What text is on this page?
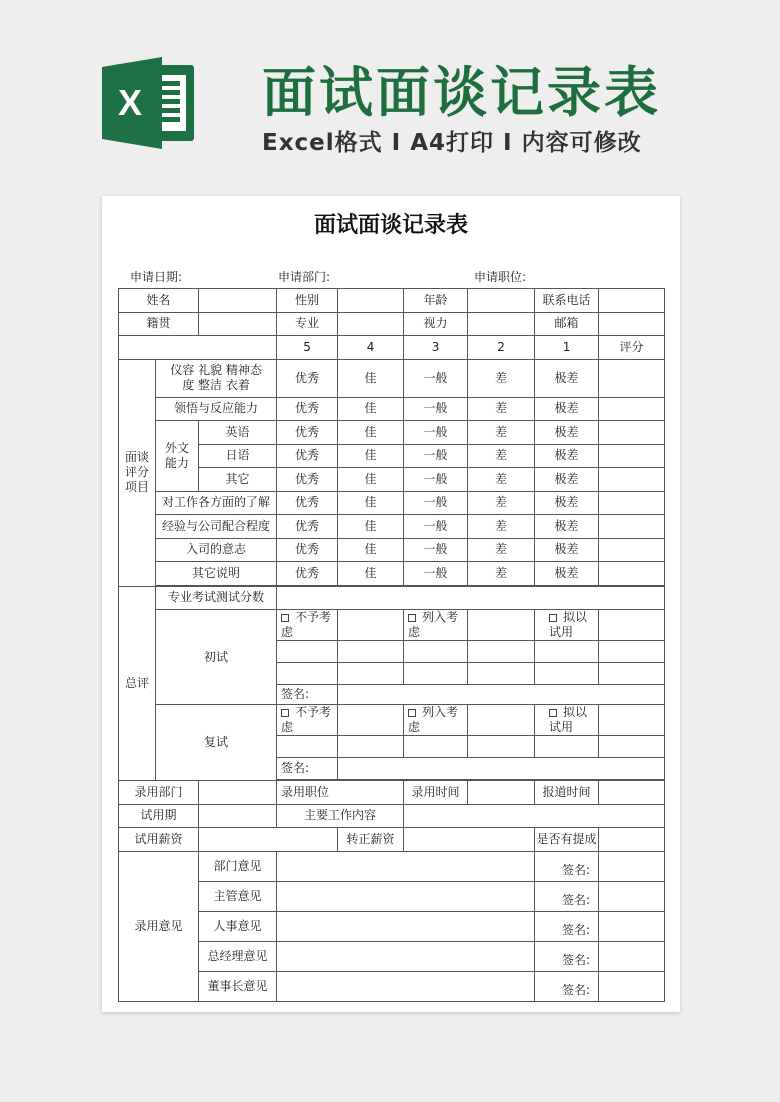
X 面试面谈记录表
Excel格式 I A4打印 I 内容可修改
面试面谈记录表
申请日期:	申请部门:	申请职位:
姓名			性别		年龄		联系电话	
籍贯			专业		视力		邮箱	
			5	4	3	2	1	评分
面谈评分项目	仪容 礼貌 精神态度 整洁 衣着		优秀	佳	一般	差	极差	
	领悟与反应能力		优秀	佳	一般	差	极差	
	外文能力	英语	优秀	佳	一般	差	极差	
		日语	优秀	佳	一般	差	极差	
		其它	优秀	佳	一般	差	极差	
	对工作各方面的了解		优秀	佳	一般	差	极差	
	经验与公司配合程度		优秀	佳	一般	差	极差	
	入司的意志		优秀	佳	一般	差	极差	
	其它说明		优秀	佳	一般	差	极差	

总评	专业考试测试分数							
	初试		不予考虑		列入考虑		拟以试用	

			签名:					
	复试		不予考虑		列入考虑		拟以试用	

			签名:					

录用部门			录用职位		录用时间		报道时间	
试用期			主要工作内容					
试用薪资				转正薪资			是否有提成	
录用意见		部门意见					签名:	
		主管意见					签名:	
		人事意见					签名:	
		总经理意见					签名:	
		董事长意见					签名:	
